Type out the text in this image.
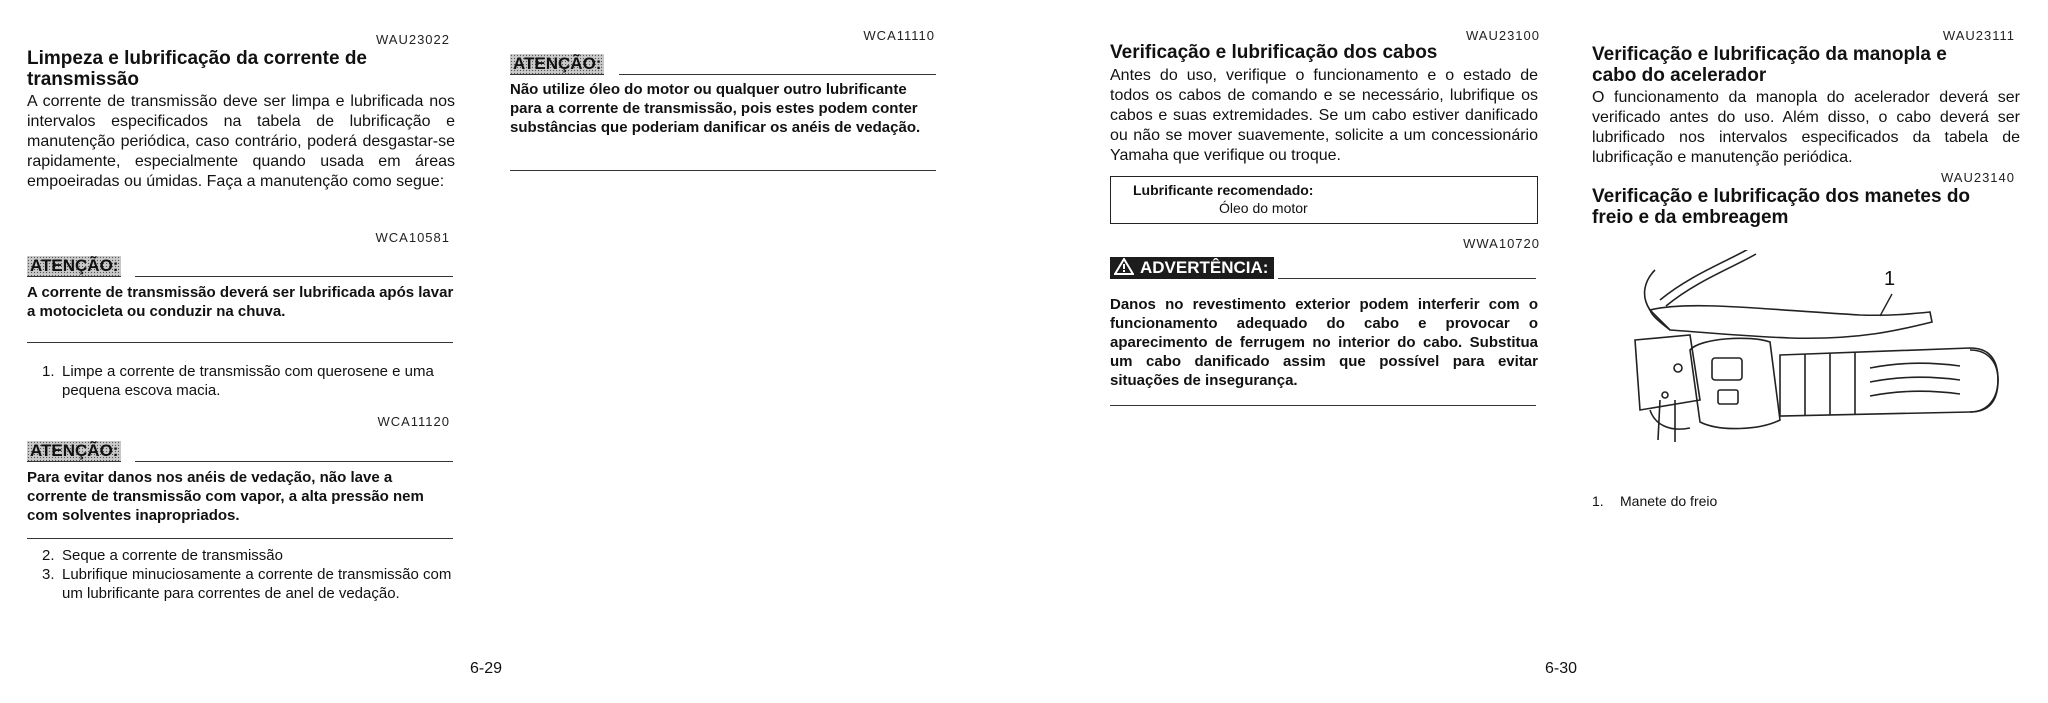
WAU23022
Limpeza e lubrificação da corrente de transmissão
A corrente de transmissão deve ser limpa e lubrificada nos intervalos especificados na tabela de lubrificação e manutenção periódica, caso contrário, poderá desgastar-se rapidamente, especialmente quando usada em áreas empoeiradas ou úmidas. Faça a manutenção como segue:
WCA10581
ATENÇÃO:
A corrente de transmissão deverá ser lubrificada após lavar a motocicleta ou conduzir na chuva.
1. Limpe a corrente de transmissão com querosene e uma pequena escova macia.
WCA11120
ATENÇÃO:
Para evitar danos nos anéis de vedação, não lave a corrente de transmissão com vapor, a alta pressão nem com solventes inapropriados.
2. Seque a corrente de transmissão
3. Lubrifique minuciosamente a corrente de transmissão com um lubrificante para correntes de anel de vedação.
WCA11110
ATENÇÃO:
Não utilize óleo do motor ou qualquer outro lubrificante para a corrente de transmissão, pois estes podem conter substâncias que poderiam danificar os anéis de vedação.
6-29
WAU23100
Verificação e lubrificação dos cabos
Antes do uso, verifique o funcionamento e o estado de todos os cabos de comando e se necessário, lubrifique os cabos e suas extremidades. Se um cabo estiver danificado ou não se mover suavemente, solicite a um concessionário Yamaha que verifique ou troque.
Lubrificante recomendado:
Óleo do motor
WWA10720
ADVERTÊNCIA:
Danos no revestimento exterior podem interferir com o funcionamento adequado do cabo e provocar o aparecimento de ferrugem no interior do cabo. Substitua um cabo danificado assim que possível para evitar situações de insegurança.
6-30
WAU23111
Verificação e lubrificação da manopla e cabo do acelerador
O funcionamento da manopla do acelerador deverá ser verificado antes do uso. Além disso, o cabo deverá ser lubrificado nos intervalos especificados da tabela de lubrificação e manutenção periódica.
WAU23140
Verificação e lubrificação dos manetes do freio e da embreagem
1
1. Manete do freio
